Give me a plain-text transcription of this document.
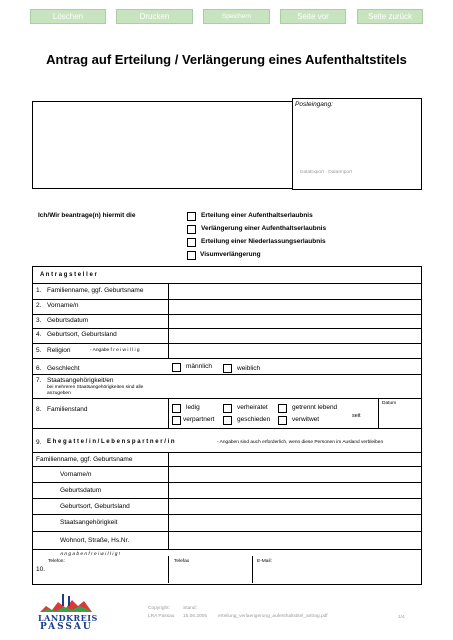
Löschen	Drucken	Speichern	Seite vor	Seite zurück
Antrag auf Erteilung / Verlängerung eines Aufenthaltstitels
Posteingang:
DataExport · DataImport
Ich/Wir beantrage(n) hiermit die	Erteilung einer Aufenthaltserlaubnis
Verlängerung einer Aufenthaltserlaubnis
Erteilung einer Niederlassungserlaubnis
Visumverlängerung
A n t r a g s t e l l e r
1. Familienname, ggf. Geburtsname
2. Vorname/n
3. Geburtsdatum
4. Geburtsort, Geburtsland
5. Religion	- Angabe f r e i w i l l i g
6. Geschlecht	männlich	weiblich
7. Staatsangehörigkeit/en
bei mehreren Staatsangehörigkeiten sind alle anzugeben
8. Familienstand	ledig	verheiratet	getrennt lebend
verpartnert	geschieden	verwitwet	seit
Datum
9. E h e g a t t e / i n / L e b e n s p a r t n e r / i n	- Angaben sind auch erforderlich, wenn diese Personen im Ausland verbleiben
Familienname, ggf. Geburtsname
Vorname/n
Geburtsdatum
Geburtsort, Geburtsland
Staatsangehörigkeit
Wohnort, Straße, Hs.Nr.
A n g a b e n f r e i w i l l i g !
10.
Telefon:	Telefax	E-Mail:
LANDKREIS
PASSAU
Copyright:	Stand:
LRA Passau 15.06.2005 erteilung_verlaengerung_aufenthaltstitel_antrag.pdf	1/4
